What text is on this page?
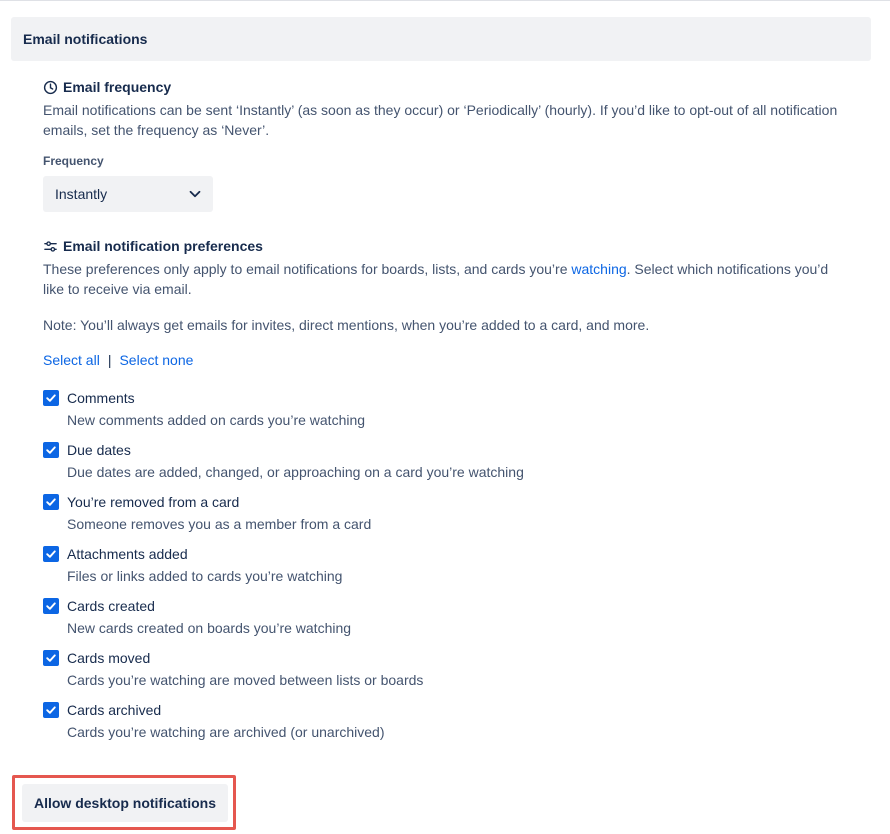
Email notifications
Email frequency
Email notifications can be sent ‘Instantly’ (as soon as they occur) or ‘Periodically’ (hourly). If you’d like to opt-out of all notification emails, set the frequency as ‘Never’.
Frequency
Instantly
Email notification preferences
These preferences only apply to email notifications for boards, lists, and cards you’re watching. Select which notifications you’d like to receive via email.
Note: You’ll always get emails for invites, direct mentions, when you’re added to a card, and more.
Select all | Select none
Comments
New comments added on cards you’re watching
Due dates
Due dates are added, changed, or approaching on a card you’re watching
You’re removed from a card
Someone removes you as a member from a card
Attachments added
Files or links added to cards you’re watching
Cards created
New cards created on boards you’re watching
Cards moved
Cards you’re watching are moved between lists or boards
Cards archived
Cards you’re watching are archived (or unarchived)
Allow desktop notifications
